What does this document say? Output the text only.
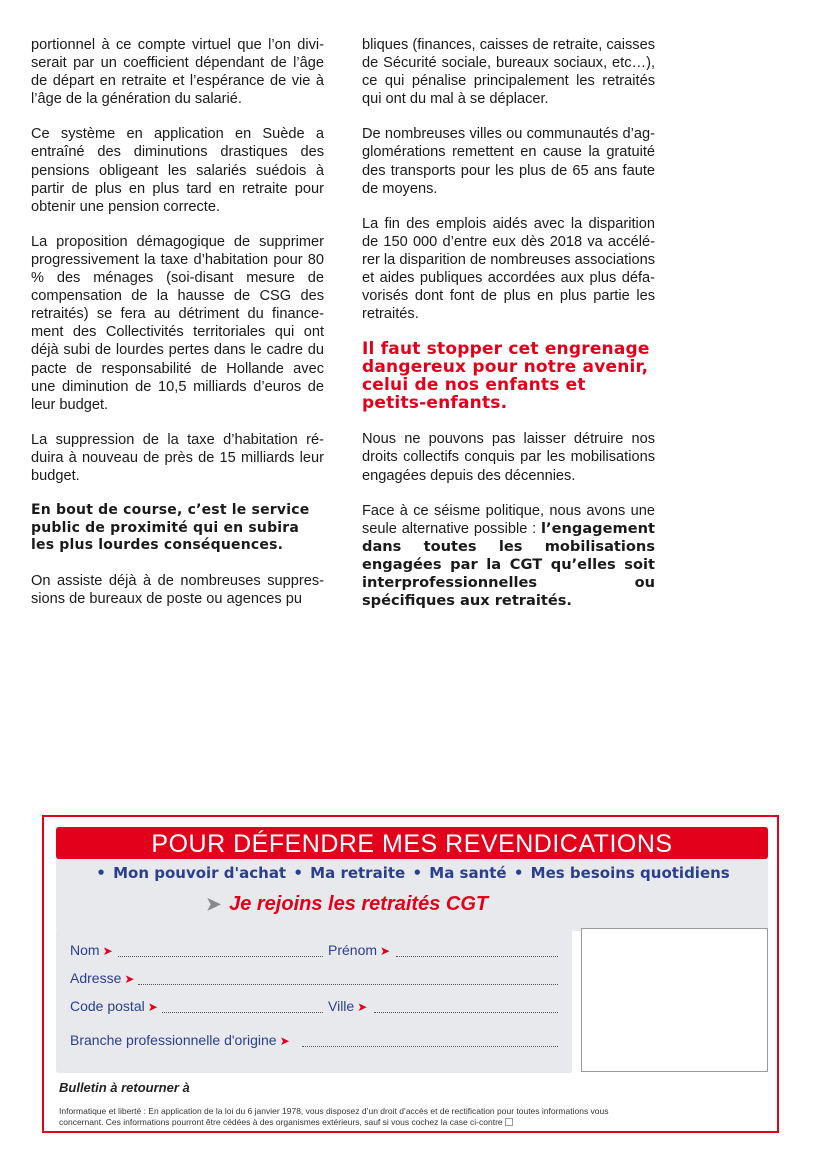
portionnel à ce compte virtuel que l’on diviserait par un coefficient dépendant de l’âge de départ en retraite et l’espérance de vie à l’âge de la génération du salarié.

Ce système en application en Suède a entraîné des diminutions drastiques des pensions obligeant les salariés suédois à partir de plus en plus tard en retraite pour obtenir une pension correcte.

La proposition démagogique de supprimer progressivement la taxe d’habitation pour 80 % des ménages (soi-disant mesure de compensation de la hausse de CSG des retraités) se fera au détriment du financement des Collectivités territoriales qui ont déjà subi de lourdes pertes dans le cadre du pacte de responsabilité de Hollande avec une diminution de 10,5 milliards d’euros de leur budget.

La suppression de la taxe d’habitation réduira à nouveau de près de 15 milliards leur budget.

En bout de course, c’est le service public de proximité qui en subira les plus lourdes conséquences.

On assiste déjà à de nombreuses suppressions de bureaux de poste ou agences pu

bliques (finances, caisses de retraite, caisses de Sécurité sociale, bureaux sociaux, etc…), ce qui pénalise principalement les retraités qui ont du mal à se déplacer.

De nombreuses villes ou communautés d’agglomérations remettent en cause la gratuité des transports pour les plus de 65 ans faute de moyens.

La fin des emplois aidés avec la disparition de 150 000 d’entre eux dès 2018 va accélérer la disparition de nombreuses associations et aides publiques accordées aux plus défavorisés dont font de plus en plus partie les retraités.

Il faut stopper cet engrenage dangereux pour notre avenir, celui de nos enfants et petits-enfants.

Nous ne pouvons pas laisser détruire nos droits collectifs conquis par les mobilisations engagées depuis des décennies.

Face à ce séisme politique, nous avons une seule alternative possible : l’engagement dans toutes les mobilisations engagées par la CGT qu’elles soit interprofessionnelles ou spécifiques aux retraités.

POUR DÉFENDRE MES REVENDICATIONS
• Mon pouvoir d'achat • Ma retraite • Ma santé • Mes besoins quotidiens
➤ Je rejoins les retraités CGT
Nom ➤	Prénom ➤
Adresse ➤
Code postal ➤	Ville ➤
Branche professionnelle d'origine ➤
Bulletin à retourner à
Informatique et liberté : En application de la loi du 6 janvier 1978, vous disposez d’un droit d’accès et de rectification pour toutes informations vous concernant. Ces informations pourront être cédées à des organismes extérieurs, sauf si vous cochez la case ci-contre
